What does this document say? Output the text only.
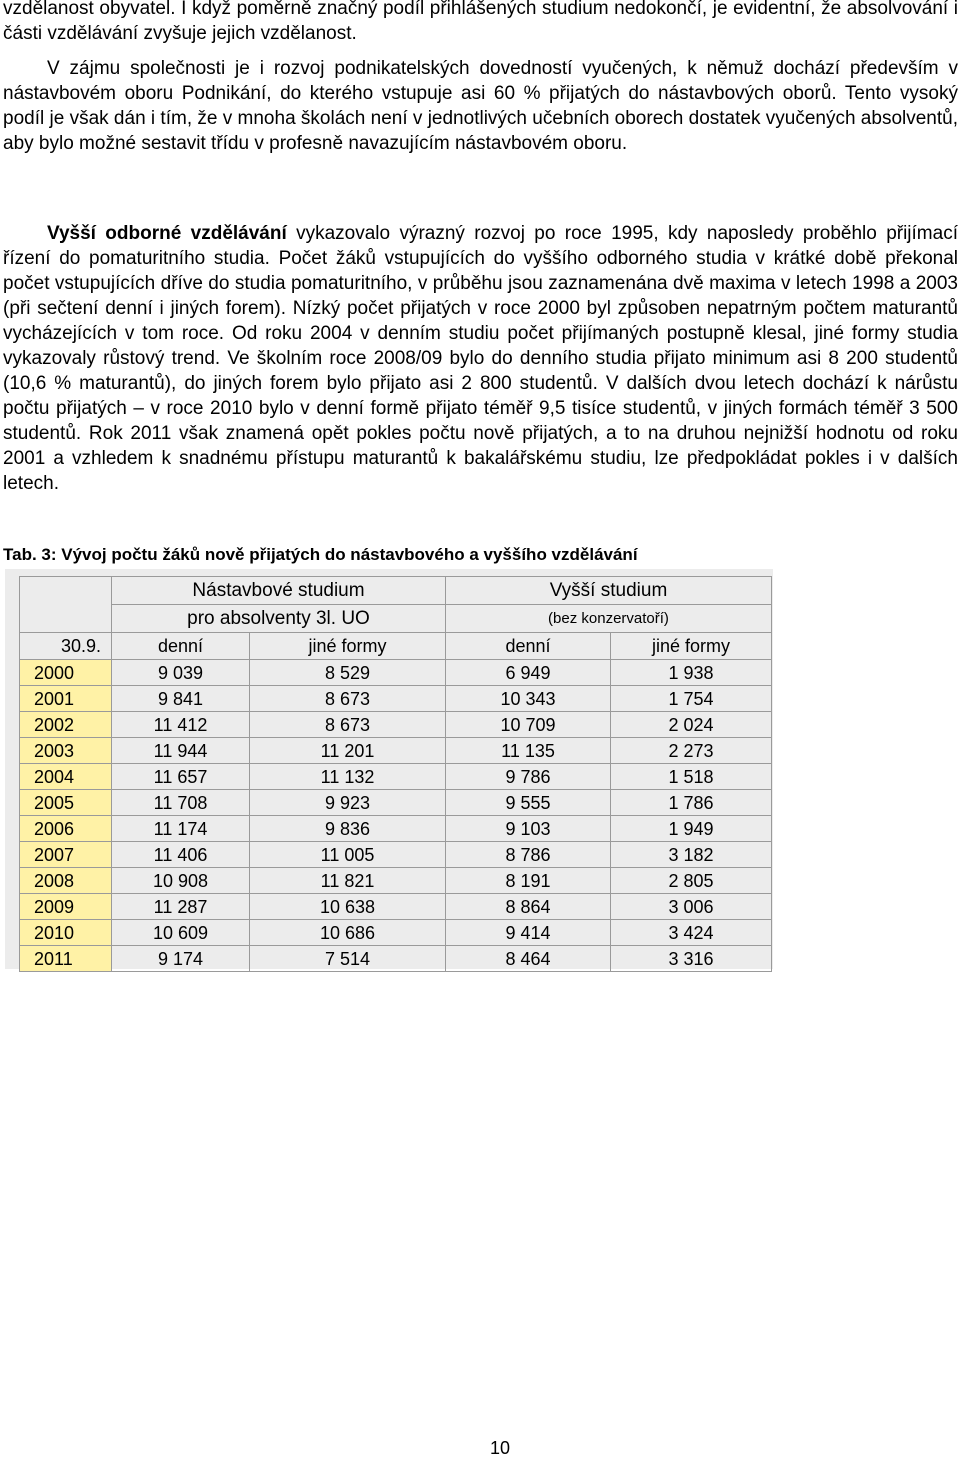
vzdělanost obyvatel. I když poměrně značný podíl přihlášených studium nedokončí, je evidentní, že absolvování i části vzdělávání zvyšuje jejich vzdělanost.
V zájmu společnosti je i rozvoj podnikatelských dovedností vyučených, k němuž dochází především v nástavbovém oboru Podnikání, do kterého vstupuje asi 60 % přijatých do nástavbových oborů. Tento vysoký podíl je však dán i tím, že v mnoha školách není v jednotlivých učebních oborech dostatek vyučených absolventů, aby bylo možné sestavit třídu v profesně navazujícím nástavbovém oboru.
Vyšší odborné vzdělávání vykazovalo výrazný rozvoj po roce 1995, kdy naposledy proběhlo přijímací řízení do pomaturitního studia. Počet žáků vstupujících do vyššího odborného studia v krátké době překonal počet vstupujících dříve do studia pomaturitního, v průběhu jsou zaznamenána dvě maxima v letech 1998 a 2003 (při sečtení denní i jiných forem). Nízký počet přijatých v roce 2000 byl způsoben nepatrným počtem maturantů vycházejících v tom roce. Od roku 2004 v denním studiu počet přijímaných postupně klesal, jiné formy studia vykazovaly růstový trend. Ve školním roce 2008/09 bylo do denního studia přijato minimum asi 8 200 studentů (10,6 % maturantů), do jiných forem bylo přijato asi 2 800 studentů. V dalších dvou letech dochází k nárůstu počtu přijatých – v roce 2010 bylo v denní formě přijato téměř 9,5 tisíce studentů, v jiných formách téměř 3 500 studentů. Rok 2011 však znamená opět pokles počtu nově přijatých, a to na druhou nejnižší hodnotu od roku 2001 a vzhledem k snadnému přístupu maturantů k bakalářskému studiu, lze předpokládat pokles i v dalších letech.
Tab. 3: Vývoj počtu žáků nově přijatých do nástavbového a vyššího vzdělávání
	Nástavbové studium		Vyšší studium	
	pro absolventy 3l. UO		(bez konzervatoří)	
30.9.	denní	jiné formy	denní	jiné formy
2000	9 039	8 529	6 949	1 938
2001	9 841	8 673	10 343	1 754
2002	11 412	8 673	10 709	2 024
2003	11 944	11 201	11 135	2 273
2004	11 657	11 132	9 786	1 518
2005	11 708	9 923	9 555	1 786
2006	11 174	9 836	9 103	1 949
2007	11 406	11 005	8 786	3 182
2008	10 908	11 821	8 191	2 805
2009	11 287	10 638	8 864	3 006
2010	10 609	10 686	9 414	3 424
2011	9 174	7 514	8 464	3 316
10
